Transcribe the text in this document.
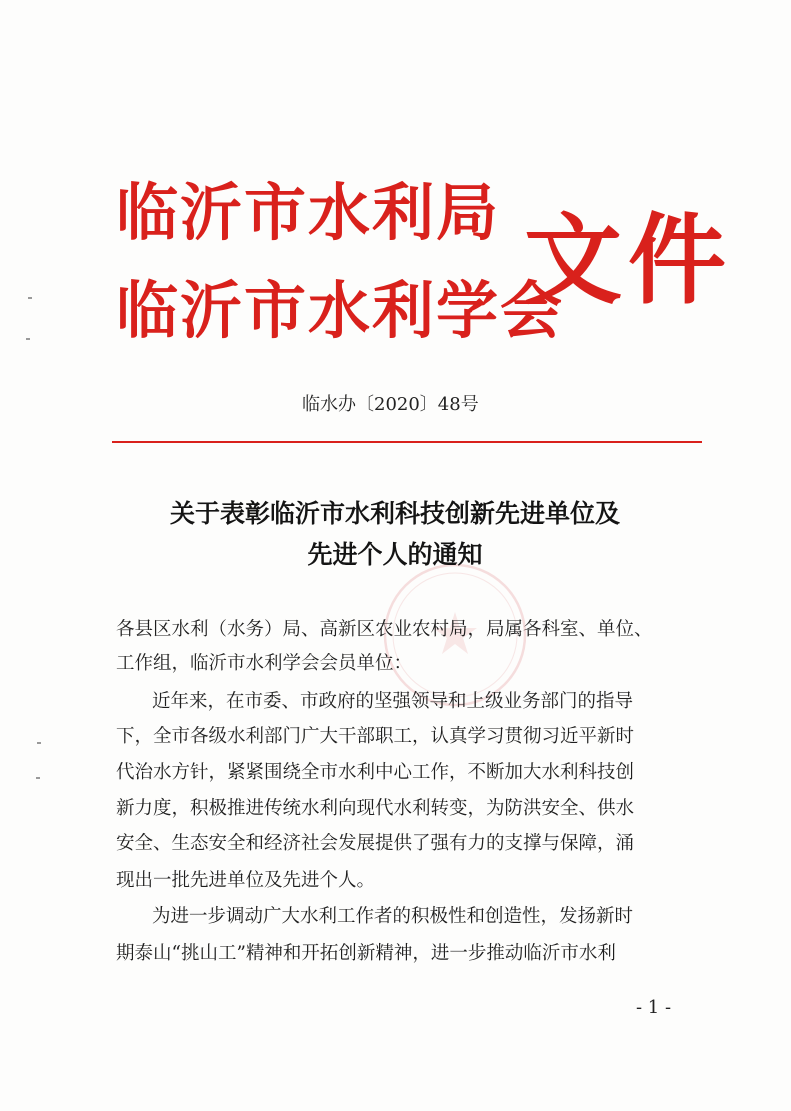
临沂市水利局
临沂市水利学会
文件
临水办〔2020〕48号
关于表彰临沂市水利科技创新先进单位及
先进个人的通知
各县区水利（水务）局、高新区农业农村局，局属各科室、单位、
工作组，临沂市水利学会会员单位：
近年来，在市委、市政府的坚强领导和上级业务部门的指导
下，全市各级水利部门广大干部职工，认真学习贯彻习近平新时
代治水方针，紧紧围绕全市水利中心工作，不断加大水利科技创
新力度，积极推进传统水利向现代水利转变，为防洪安全、供水
安全、生态安全和经济社会发展提供了强有力的支撑与保障，涌
现出一批先进单位及先进个人。
为进一步调动广大水利工作者的积极性和创造性，发扬新时
期泰山“挑山工”精神和开拓创新精神，进一步推动临沂市水利
- 1 -
